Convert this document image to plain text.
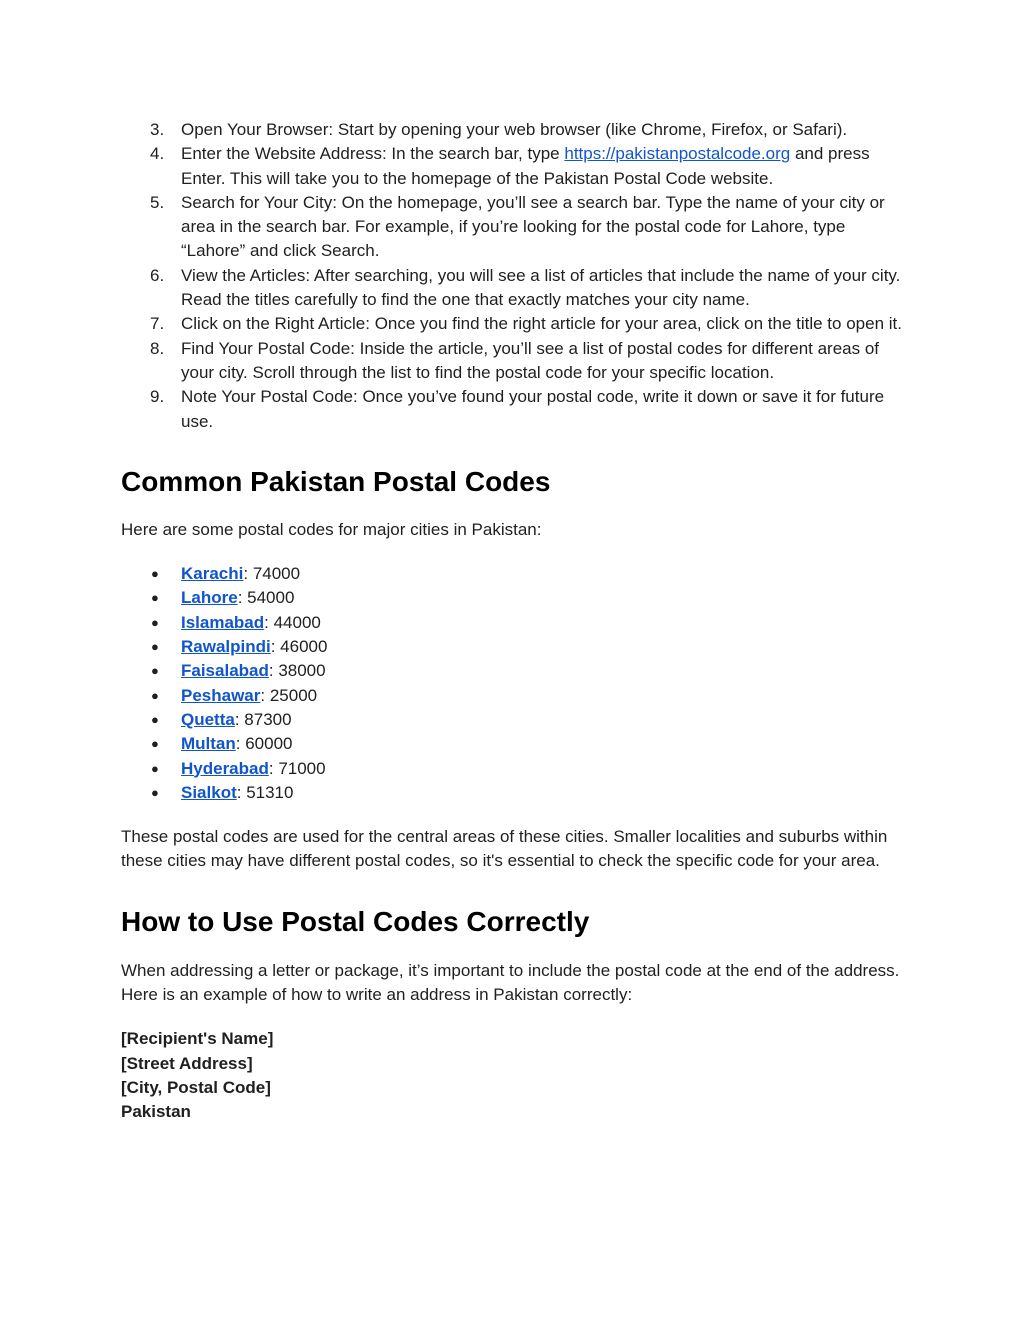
3. Open Your Browser: Start by opening your web browser (like Chrome, Firefox, or Safari).
4. Enter the Website Address: In the search bar, type https://pakistanpostalcode.org and press Enter. This will take you to the homepage of the Pakistan Postal Code website.
5. Search for Your City: On the homepage, you’ll see a search bar. Type the name of your city or area in the search bar. For example, if you’re looking for the postal code for Lahore, type “Lahore” and click Search.
6. View the Articles: After searching, you will see a list of articles that include the name of your city. Read the titles carefully to find the one that exactly matches your city name.
7. Click on the Right Article: Once you find the right article for your area, click on the title to open it.
8. Find Your Postal Code: Inside the article, you’ll see a list of postal codes for different areas of your city. Scroll through the list to find the postal code for your specific location.
9. Note Your Postal Code: Once you’ve found your postal code, write it down or save it for future use.
Common Pakistan Postal Codes

Here are some postal codes for major cities in Pakistan:

● Karachi: 74000
● Lahore: 54000
● Islamabad: 44000
● Rawalpindi: 46000
● Faisalabad: 38000
● Peshawar: 25000
● Quetta: 87300
● Multan: 60000
● Hyderabad: 71000
● Sialkot: 51310

These postal codes are used for the central areas of these cities. Smaller localities and suburbs within these cities may have different postal codes, so it's essential to check the specific code for your area.

How to Use Postal Codes Correctly

When addressing a letter or package, it’s important to include the postal code at the end of the address. Here is an example of how to write an address in Pakistan correctly:

[Recipient's Name]

[Street Address]

[City, Postal Code]

Pakistan
